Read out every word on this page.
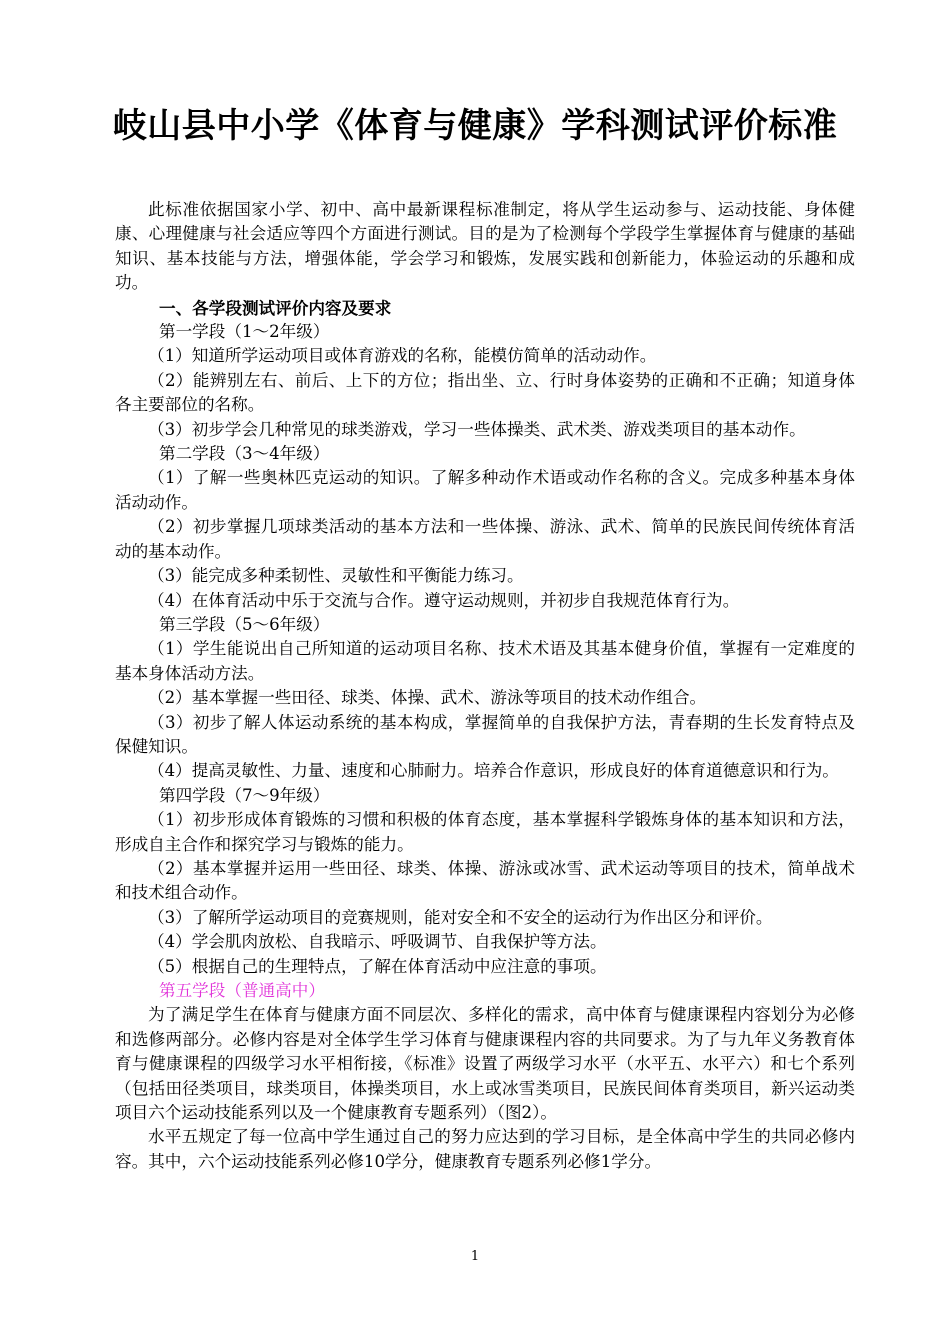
岐山县中小学《体育与健康》学科测试评价标准

此标准依据国家小学、初中、高中最新课程标准制定，将从学生运动参与、运动技能、身体健康、心理健康与社会适应等四个方面进行测试。目的是为了检测每个学段学生掌握体育与健康的基础知识、基本技能与方法，增强体能，学会学习和锻炼，发展实践和创新能力，体验运动的乐趣和成功。

一、各学段测试评价内容及要求

第一学段（1～2年级）

（1）知道所学运动项目或体育游戏的名称，能模仿简单的活动动作。

（2）能辨别左右、前后、上下的方位；指出坐、立、行时身体姿势的正确和不正确；知道身体各主要部位的名称。

（3）初步学会几种常见的球类游戏，学习一些体操类、武术类、游戏类项目的基本动作。

第二学段（3～4年级）

（1）了解一些奥林匹克运动的知识。了解多种动作术语或动作名称的含义。完成多种基本身体活动动作。

（2）初步掌握几项球类活动的基本方法和一些体操、游泳、武术、简单的民族民间传统体育活动的基本动作。

（3）能完成多种柔韧性、灵敏性和平衡能力练习。

（4）在体育活动中乐于交流与合作。遵守运动规则，并初步自我规范体育行为。

第三学段（5～6年级）

（1）学生能说出自己所知道的运动项目名称、技术术语及其基本健身价值，掌握有一定难度的基本身体活动方法。

（2）基本掌握一些田径、球类、体操、武术、游泳等项目的技术动作组合。

（3）初步了解人体运动系统的基本构成，掌握简单的自我保护方法，青春期的生长发育特点及保健知识。

（4）提高灵敏性、力量、速度和心肺耐力。培养合作意识，形成良好的体育道德意识和行为。

第四学段（7～9年级）

（1）初步形成体育锻炼的习惯和积极的体育态度，基本掌握科学锻炼身体的基本知识和方法，形成自主合作和探究学习与锻炼的能力。

（2）基本掌握并运用一些田径、球类、体操、游泳或冰雪、武术运动等项目的技术，简单战术和技术组合动作。

（3）了解所学运动项目的竞赛规则，能对安全和不安全的运动行为作出区分和评价。

（4）学会肌肉放松、自我暗示、呼吸调节、自我保护等方法。

（5）根据自己的生理特点，了解在体育活动中应注意的事项。

第五学段（普通高中）

为了满足学生在体育与健康方面不同层次、多样化的需求，高中体育与健康课程内容划分为必修和选修两部分。必修内容是对全体学生学习体育与健康课程内容的共同要求。为了与九年义务教育体育与健康课程的四级学习水平相衔接，《标准》设置了两级学习水平（水平五、水平六）和七个系列（包括田径类项目，球类项目，体操类项目，水上或冰雪类项目，民族民间体育类项目，新兴运动类项目六个运动技能系列以及一个健康教育专题系列）（图2）。

水平五规定了每一位高中学生通过自己的努力应达到的学习目标，是全体高中学生的共同必修内容。其中，六个运动技能系列必修10学分，健康教育专题系列必修1学分。

1
